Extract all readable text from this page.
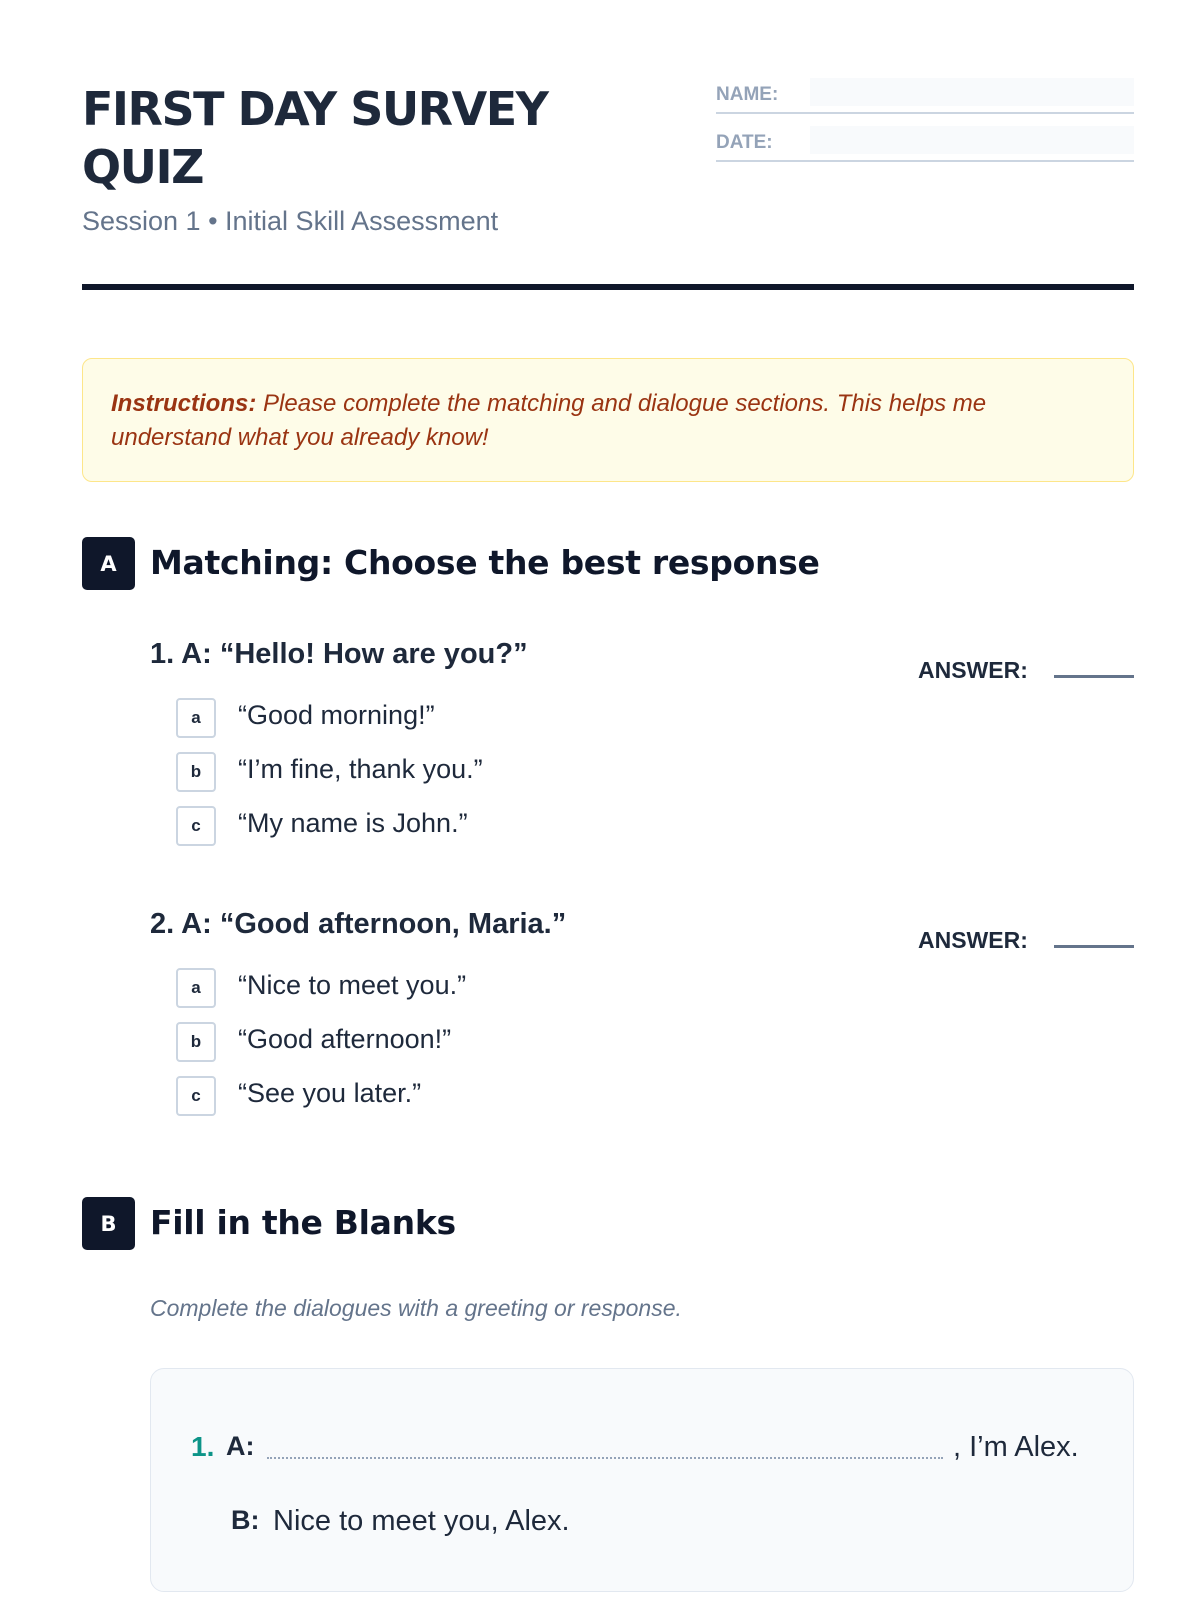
FIRST DAY SURVEY QUIZ
Session 1 • Initial Skill Assessment
NAME:
DATE:
Instructions: Please complete the matching and dialogue sections. This helps me understand what you already know!
A	Matching: Choose the best response
1. A: “Hello! How are you?”	ANSWER:
a	“Good morning!”
b	“I’m fine, thank you.”
c	“My name is John.”
2. A: “Good afternoon, Maria.”	ANSWER:
a	“Nice to meet you.”
b	“Good afternoon!”
c	“See you later.”
B	Fill in the Blanks
Complete the dialogues with a greeting or response.
1. A:	, I’m Alex.
B: Nice to meet you, Alex.
